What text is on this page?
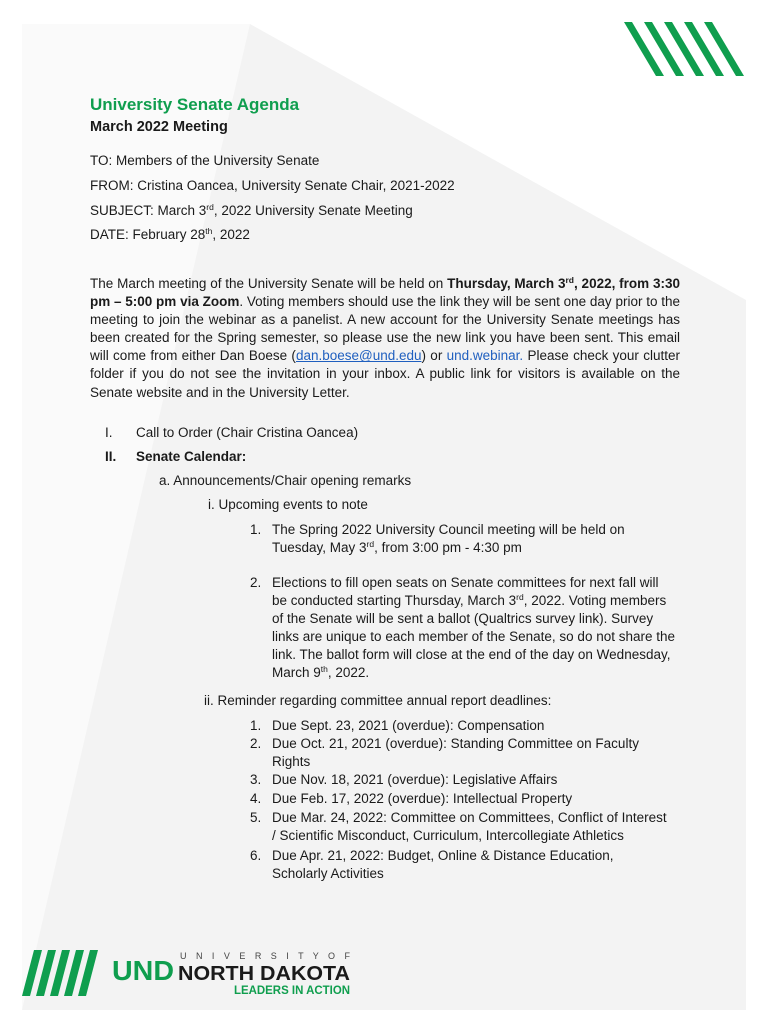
University Senate Agenda
March 2022 Meeting
TO: Members of the University Senate
FROM: Cristina Oancea, University Senate Chair, 2021-2022
SUBJECT: March 3rd, 2022 University Senate Meeting
DATE: February 28th, 2022
The March meeting of the University Senate will be held on Thursday, March 3rd, 2022, from 3:30 pm – 5:00 pm via Zoom. Voting members should use the link they will be sent one day prior to the meeting to join the webinar as a panelist. A new account for the University Senate meetings has been created for the Spring semester, so please use the new link you have been sent. This email will come from either Dan Boese (dan.boese@und.edu) or und.webinar. Please check your clutter folder if you do not see the invitation in your inbox. A public link for visitors is available on the Senate website and in the University Letter.
I. Call to Order (Chair Cristina Oancea)
II. Senate Calendar:
a. Announcements/Chair opening remarks
i. Upcoming events to note
1. The Spring 2022 University Council meeting will be held on
Tuesday, May 3rd, from 3:00 pm - 4:30 pm
2. Elections to fill open seats on Senate committees for next fall will
be conducted starting Thursday, March 3rd, 2022. Voting members
of the Senate will be sent a ballot (Qualtrics survey link). Survey
links are unique to each member of the Senate, so do not share the
link. The ballot form will close at the end of the day on Wednesday,
March 9th, 2022.
ii. Reminder regarding committee annual report deadlines:
1. Due Sept. 23, 2021 (overdue): Compensation
2. Due Oct. 21, 2021 (overdue): Standing Committee on Faculty
Rights
3. Due Nov. 18, 2021 (overdue): Legislative Affairs
4. Due Feb. 17, 2022 (overdue): Intellectual Property
5. Due Mar. 24, 2022: Committee on Committees, Conflict of Interest
/ Scientific Misconduct, Curriculum, Intercollegiate Athletics
6. Due Apr. 21, 2022: Budget, Online & Distance Education,
Scholarly Activities
UND U N I V E R S I T Y O F
NORTH DAKOTA
LEADERS IN ACTION
